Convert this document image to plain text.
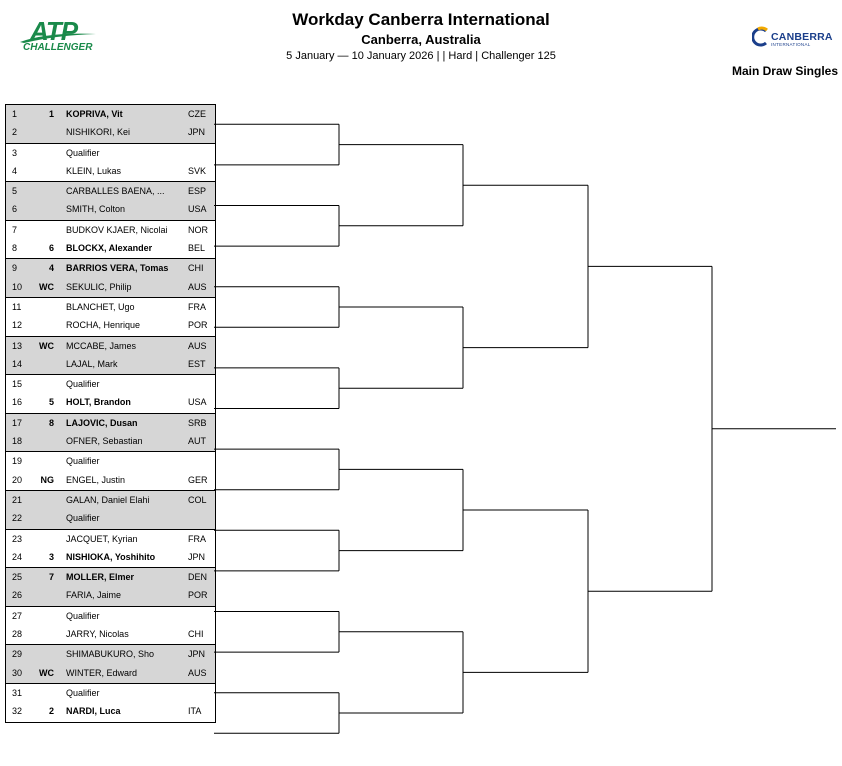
ATP
CHALLENGER
Workday Canberra International
Canberra, Australia
5 January — 10 January 2026 | | Hard | Challenger 125
CANBERRA
INTERNATIONAL
Main Draw Singles
1	1 KOPRIVA, Vit	CZE
2	NISHIKORI, Kei	JPN
3	Qualifier
4	KLEIN, Lukas	SVK
5	CARBALLES BAENA, ...	ESP
6	SMITH, Colton	USA
7	BUDKOV KJAER, Nicolai NOR
8	6 BLOCKX, Alexander	BEL
9	4 BARRIOS VERA, Tomas CHI
10	WC SEKULIC, Philip	AUS
11	BLANCHET, Ugo	FRA
12	ROCHA, Henrique	POR
13	WC MCCABE, James	AUS
14	LAJAL, Mark	EST
15	Qualifier
16	5 HOLT, Brandon	USA
17	8 LAJOVIC, Dusan	SRB
18	OFNER, Sebastian	AUT
19	Qualifier
20	NG ENGEL, Justin	GER
21	GALAN, Daniel Elahi	COL
22	Qualifier
23	JACQUET, Kyrian	FRA
24	3 NISHIOKA, Yoshihito	JPN
25	7 MOLLER, Elmer	DEN
26	FARIA, Jaime	POR
27	Qualifier
28	JARRY, Nicolas	CHI
29	SHIMABUKURO, Sho	JPN
30	WC WINTER, Edward	AUS
31	Qualifier
32	2 NARDI, Luca	ITA
